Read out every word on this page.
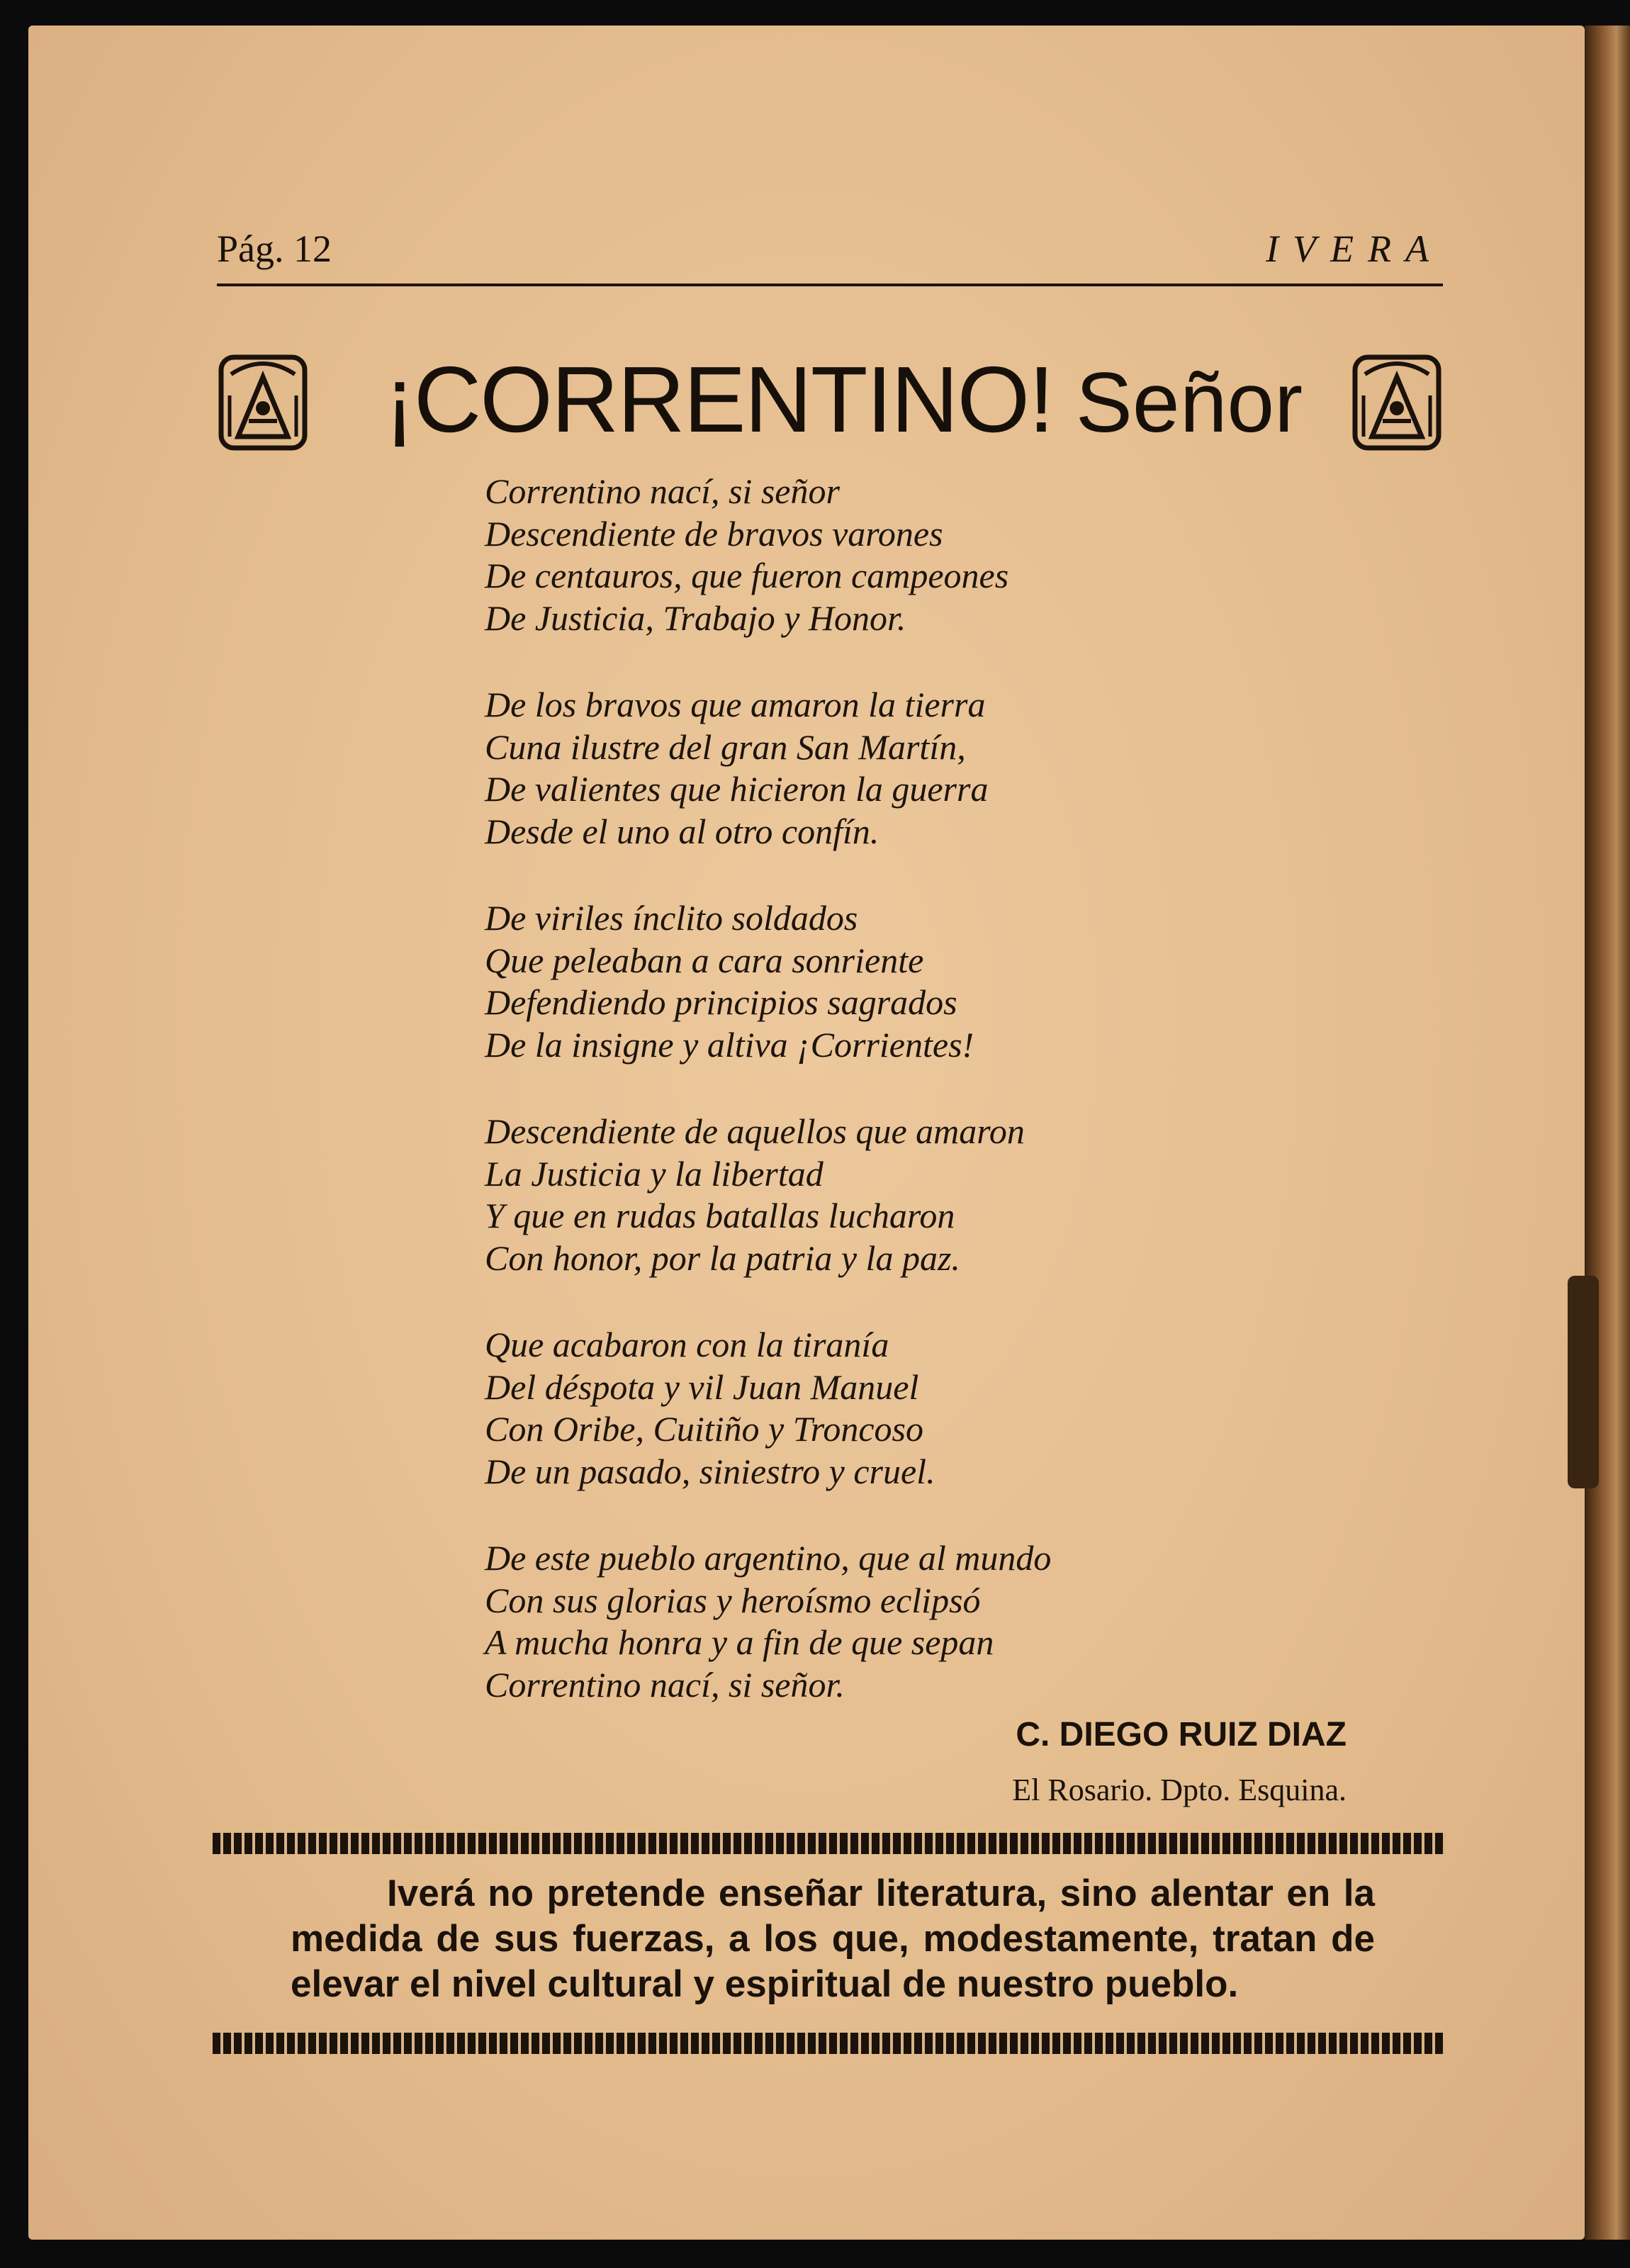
Pág. 12	IVERA
¡CORRENTINO! Señor
Correntino nací, si señor
Descendiente de bravos varones
De centauros, que fueron campeones
De Justicia, Trabajo y Honor.
De los bravos que amaron la tierra
Cuna ilustre del gran San Martín,
De valientes que hicieron la guerra
Desde el uno al otro confín.
De viriles ínclito soldados
Que peleaban a cara sonriente
Defendiendo principios sagrados
De la insigne y altiva ¡Corrientes!
Descendiente de aquellos que amaron
La Justicia y la libertad
Y que en rudas batallas lucharon
Con honor, por la patria y la paz.
Que acabaron con la tiranía
Del déspota y vil Juan Manuel
Con Oribe, Cuitiño y Troncoso
De un pasado, siniestro y cruel.
De este pueblo argentino, que al mundo
Con sus glorias y heroísmo eclipsó
A mucha honra y a fin de que sepan
Correntino nací, si señor.
C. DIEGO RUIZ DIAZ
El Rosario. Dpto. Esquina.
Iverá no pretende enseñar literatura, sino alentar en la
medida de sus fuerzas, a los que, modestamente, tratan de
elevar el nivel cultural y espiritual de nuestro pueblo.
